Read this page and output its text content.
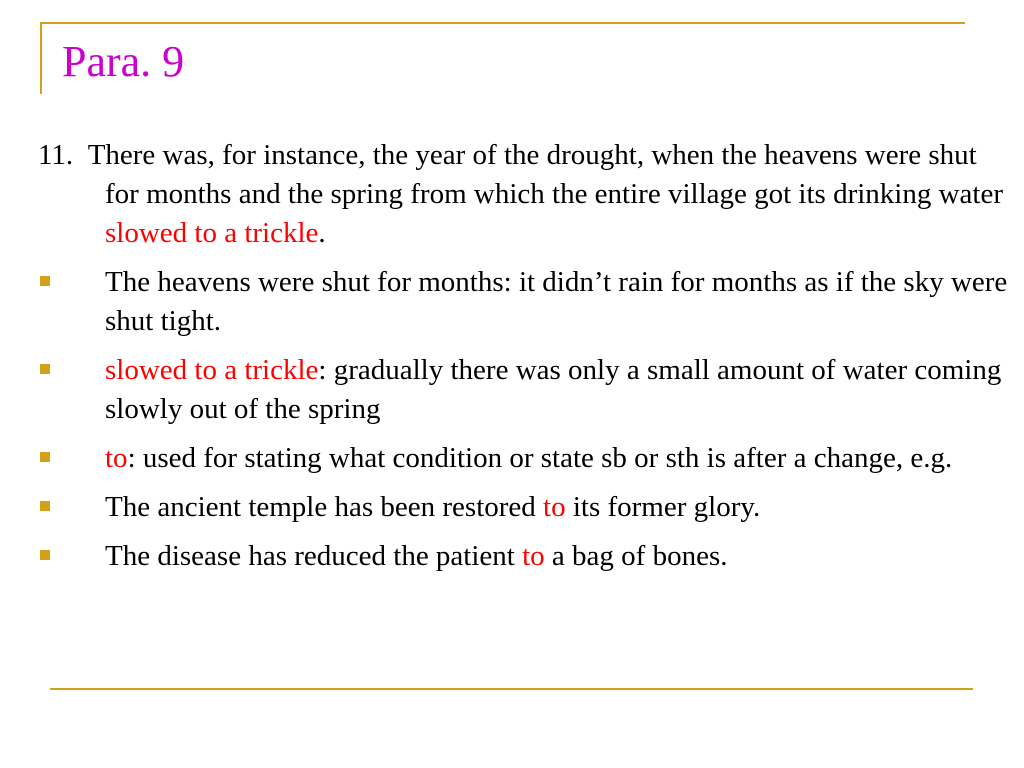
Para. 9

11. There was, for instance, the year of the drought, when the heavens were shut for months and the spring from which the entire village got its drinking water slowed to a trickle.

The heavens were shut for months: it didn’t rain for months as if the sky were shut tight.
slowed to a trickle: gradually there was only a small amount of water coming slowly out of the spring
to: used for stating what condition or state sb or sth is after a change, e.g.
The ancient temple has been restored to its former glory.
The disease has reduced the patient to a bag of bones.
